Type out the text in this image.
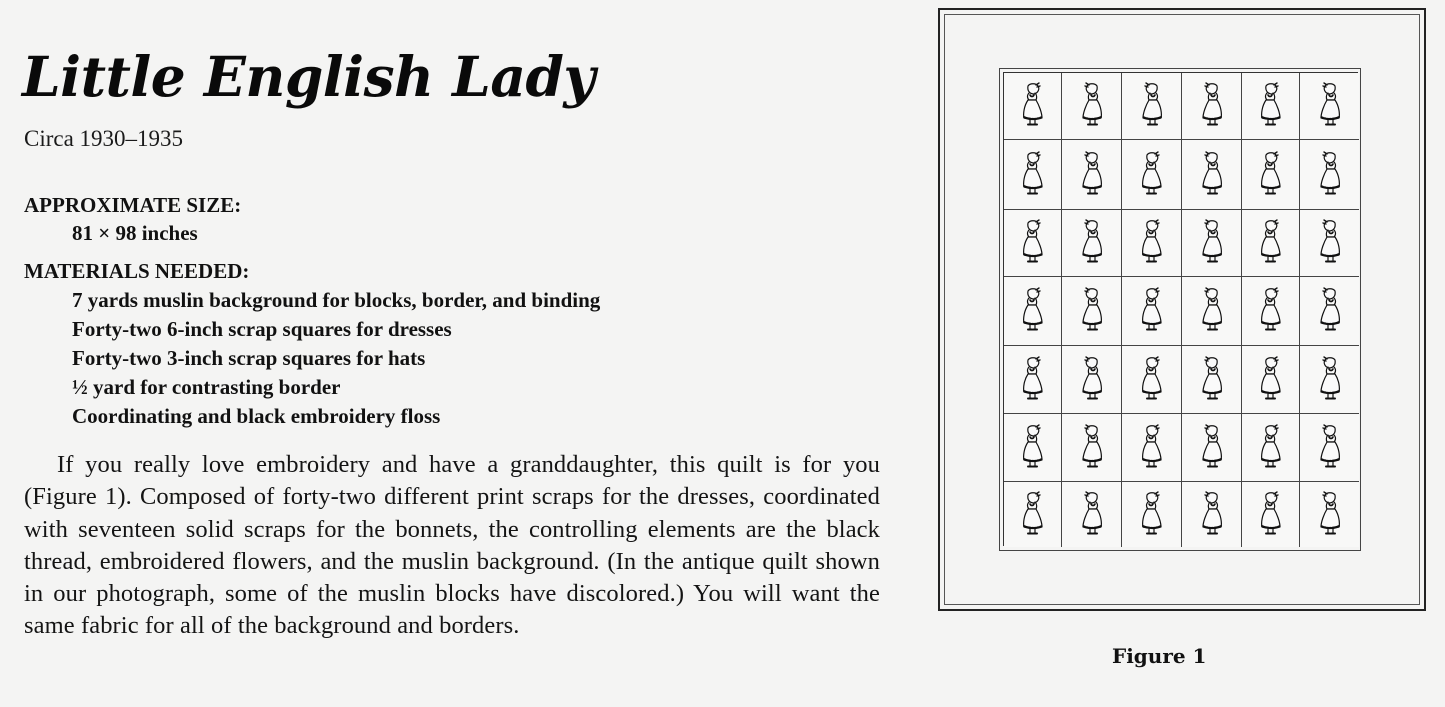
Little English Lady
Circa 1930–1935
APPROXIMATE SIZE:
81 × 98 inches
MATERIALS NEEDED:
7 yards muslin background for blocks, border, and binding
Forty-two 6-inch scrap squares for dresses
Forty-two 3-inch scrap squares for hats
½ yard for contrasting border
Coordinating and black embroidery floss

If you really love embroidery and have a granddaughter, this quilt is for you (Figure 1). Composed of forty-two different print scraps for the dresses, coordinated with seventeen solid scraps for the bonnets, the controlling elements are the black thread, embroidered flowers, and the muslin background. (In the antique quilt shown in our photograph, some of the muslin blocks have discolored.) You will want the same fabric for all of the background and borders.

Figure 1
